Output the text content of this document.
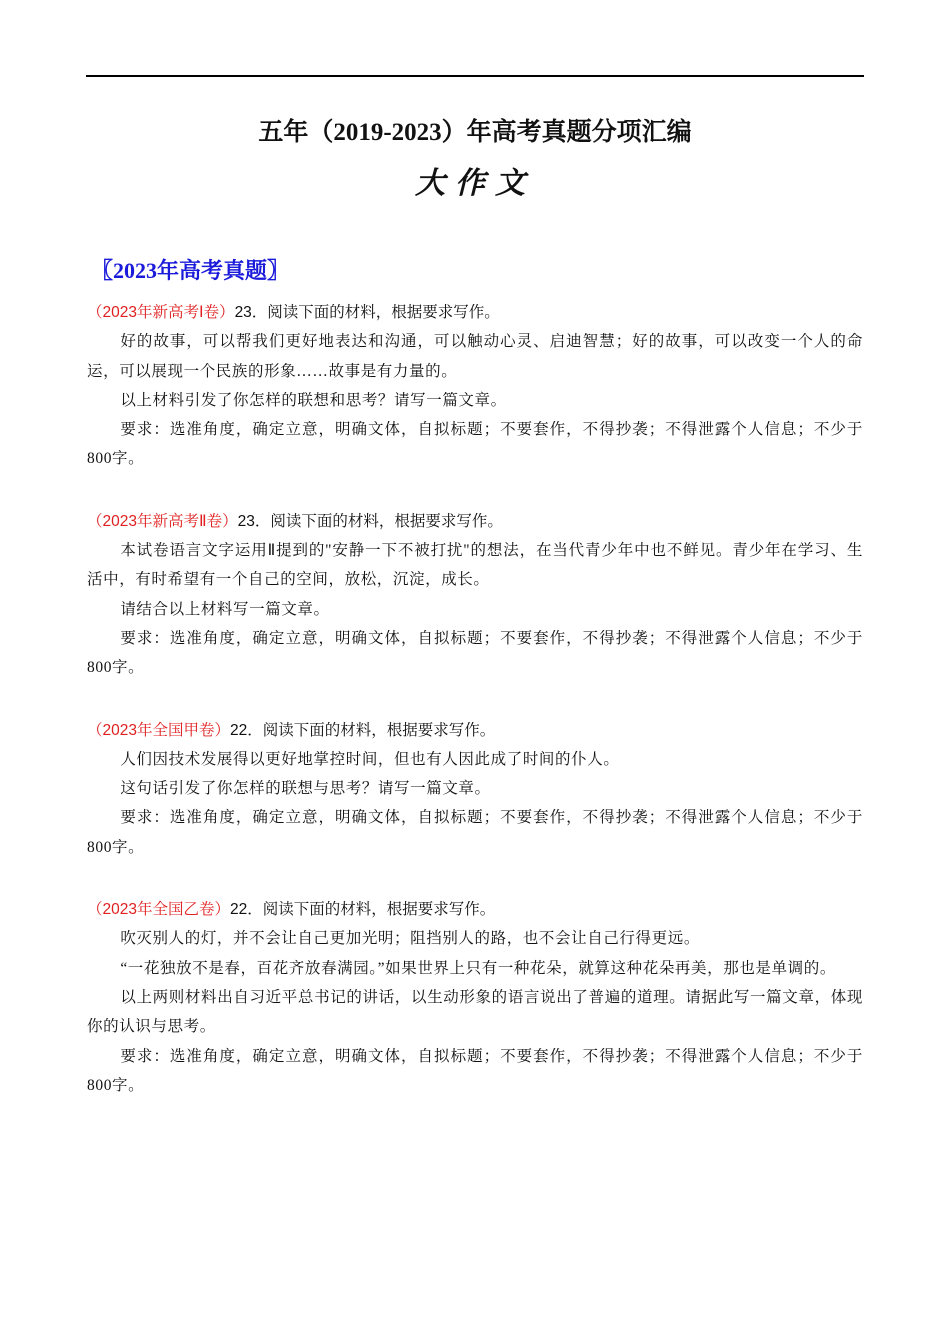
五年（2019-2023）年高考真题分项汇编
大作文
〖2023年高考真题〗

（2023年新高考Ⅰ卷）23．阅读下面的材料，根据要求写作。

好的故事，可以帮我们更好地表达和沟通，可以触动心灵、启迪智慧；好的故事，可以改变一个人的命运，可以展现一个民族的形象……故事是有力量的。

以上材料引发了你怎样的联想和思考？请写一篇文章。

要求：选准角度，确定立意，明确文体，自拟标题；不要套作，不得抄袭；不得泄露个人信息；不少于800字。

（2023年新高考Ⅱ卷）23．阅读下面的材料，根据要求写作。

本试卷语言文字运用Ⅱ提到的"安静一下不被打扰"的想法，在当代青少年中也不鲜见。青少年在学习、生活中，有时希望有一个自己的空间，放松，沉淀，成长。

请结合以上材料写一篇文章。

要求：选准角度，确定立意，明确文体，自拟标题；不要套作，不得抄袭；不得泄露个人信息；不少于800字。

（2023年全国甲卷）22．阅读下面的材料，根据要求写作。

人们因技术发展得以更好地掌控时间，但也有人因此成了时间的仆人。

这句话引发了你怎样的联想与思考？请写一篇文章。

要求：选准角度，确定立意，明确文体，自拟标题；不要套作，不得抄袭；不得泄露个人信息；不少于800字。

（2023年全国乙卷）22．阅读下面的材料，根据要求写作。

吹灭别人的灯，并不会让自己更加光明；阻挡别人的路，也不会让自己行得更远。

“一花独放不是春，百花齐放春满园。”如果世界上只有一种花朵，就算这种花朵再美，那也是单调的。

以上两则材料出自习近平总书记的讲话，以生动形象的语言说出了普遍的道理。请据此写一篇文章，体现你的认识与思考。

要求：选准角度，确定立意，明确文体，自拟标题；不要套作，不得抄袭；不得泄露个人信息；不少于800字。
